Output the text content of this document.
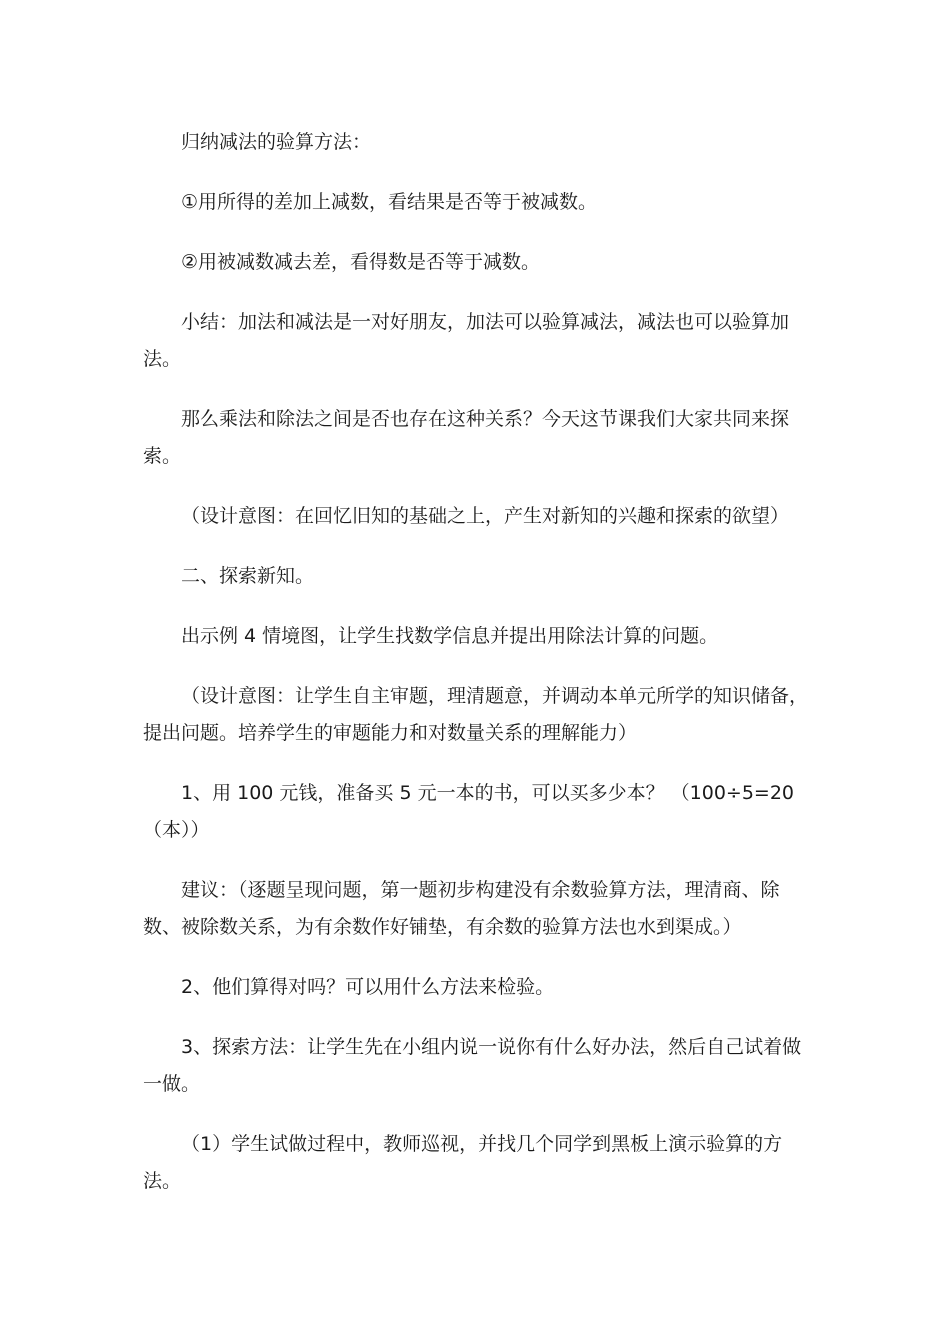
归纳减法的验算方法：

①用所得的差加上减数，看结果是否等于被减数。

②用被减数减去差，看得数是否等于减数。

小结：加法和减法是一对好朋友，加法可以验算减法，减法也可以验算加法。

那么乘法和除法之间是否也存在这种关系？今天这节课我们大家共同来探索。

（设计意图：在回忆旧知的基础之上，产生对新知的兴趣和探索的欲望）

二、探索新知。

出示例 4 情境图，让学生找数学信息并提出用除法计算的问题。

（设计意图：让学生自主审题，理清题意，并调动本单元所学的知识储备，提出问题。培养学生的审题能力和对数量关系的理解能力）

1、用 100 元钱，准备买 5 元一本的书，可以买多少本？ （100÷5=20（本））

建议：（逐题呈现问题，第一题初步构建没有余数验算方法，理清商、除数、被除数关系，为有余数作好铺垫，有余数的验算方法也水到渠成。）

2、他们算得对吗？可以用什么方法来检验。

3、探索方法：让学生先在小组内说一说你有什么好办法，然后自己试着做一做。

（1）学生试做过程中，教师巡视，并找几个同学到黑板上演示验算的方法。
